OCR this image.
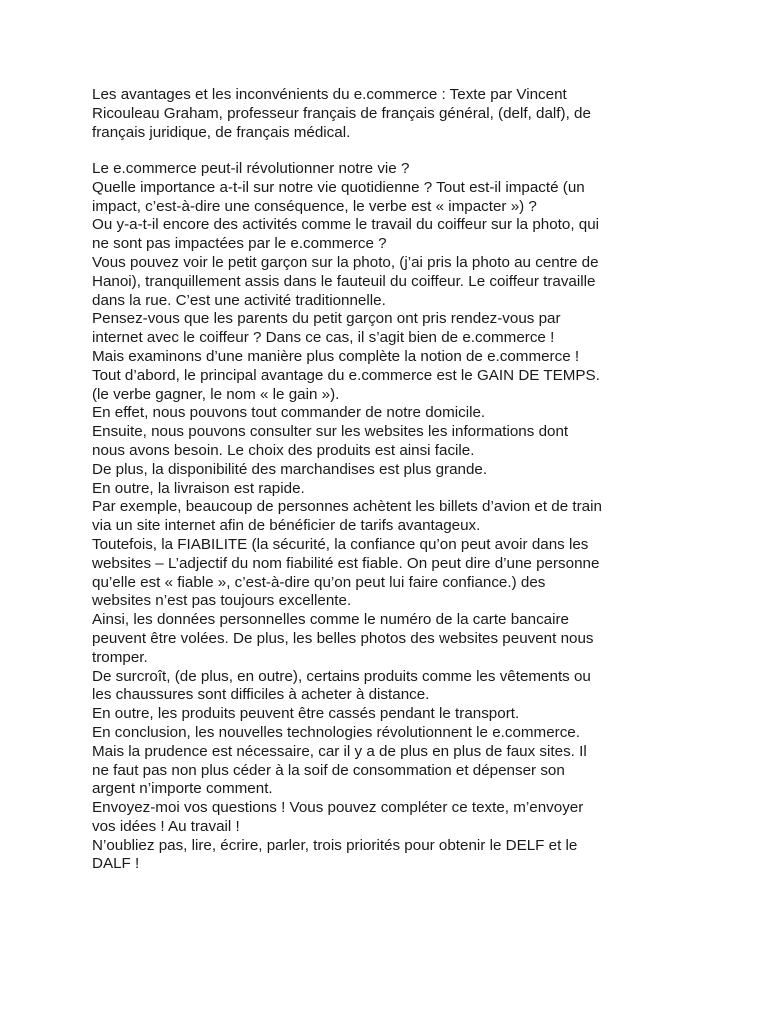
Les avantages et les inconvénients du e.commerce : Texte par Vincent
Ricouleau Graham, professeur français de français général, (delf, dalf), de
français juridique, de français médical.
Le e.commerce peut-il révolutionner notre vie ?
Quelle importance a-t-il sur notre vie quotidienne ? Tout est-il impacté (un
impact, c’est-à-dire une conséquence, le verbe est « impacter ») ?
Ou y-a-t-il encore des activités comme le travail du coiffeur sur la photo, qui
ne sont pas impactées par le e.commerce ?
Vous pouvez voir le petit garçon sur la photo, (j’ai pris la photo au centre de
Hanoi), tranquillement assis dans le fauteuil du coiffeur. Le coiffeur travaille
dans la rue. C’est une activité traditionnelle.
Pensez-vous que les parents du petit garçon ont pris rendez-vous par
internet avec le coiffeur ? Dans ce cas, il s’agit bien de e.commerce !
Mais examinons d’une manière plus complète la notion de e.commerce !
Tout d’abord, le principal avantage du e.commerce est le GAIN DE TEMPS.
(le verbe gagner, le nom « le gain »).
En effet, nous pouvons tout commander de notre domicile.
Ensuite, nous pouvons consulter sur les websites les informations dont
nous avons besoin. Le choix des produits est ainsi facile.
De plus, la disponibilité des marchandises est plus grande.
En outre, la livraison est rapide.
Par exemple, beaucoup de personnes achètent les billets d’avion et de train
via un site internet afin de bénéficier de tarifs avantageux.
Toutefois, la FIABILITE (la sécurité, la confiance qu’on peut avoir dans les
websites – L’adjectif du nom fiabilité est fiable. On peut dire d’une personne
qu’elle est « fiable », c’est-à-dire qu’on peut lui faire confiance.) des
websites n’est pas toujours excellente.
Ainsi, les données personnelles comme le numéro de la carte bancaire
peuvent être volées. De plus, les belles photos des websites peuvent nous
tromper.
De surcroît, (de plus, en outre), certains produits comme les vêtements ou
les chaussures sont difficiles à acheter à distance.
En outre, les produits peuvent être cassés pendant le transport.
En conclusion, les nouvelles technologies révolutionnent le e.commerce.
Mais la prudence est nécessaire, car il y a de plus en plus de faux sites. Il
ne faut pas non plus céder à la soif de consommation et dépenser son
argent n’importe comment.
Envoyez-moi vos questions ! Vous pouvez compléter ce texte, m’envoyer
vos idées ! Au travail !
N’oubliez pas, lire, écrire, parler, trois priorités pour obtenir le DELF et le
DALF !
